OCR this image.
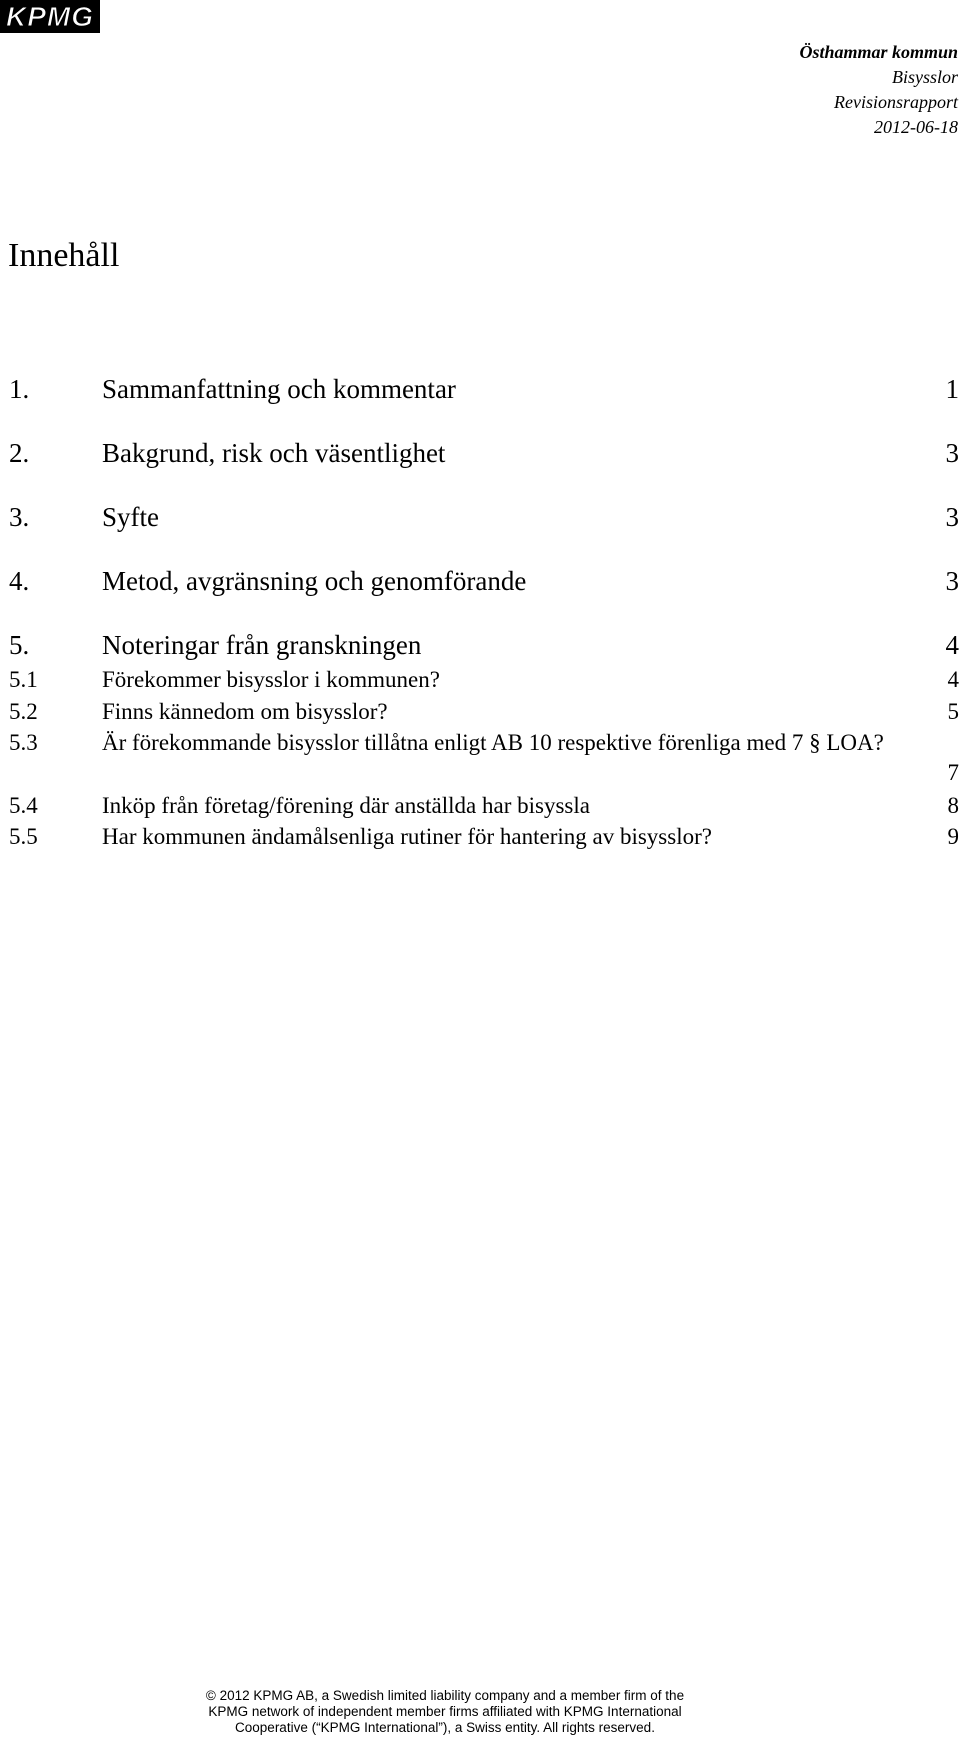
KPMG
Östhammar kommun
Bisysslor
Revisionsrapport
2012-06-18
Innehåll
1.	Sammanfattning och kommentar	1
2.	Bakgrund, risk och väsentlighet	3
3.	Syfte	3
4.	Metod, avgränsning och genomförande	3
5.	Noteringar från granskningen	4
5.1	Förekommer bisysslor i kommunen?	4
5.2	Finns kännedom om bisysslor?	5
5.3	Är förekommande bisysslor tillåtna enligt AB 10 respektive förenliga med 7 § LOA?
7
5.4	Inköp från företag/förening där anställda har bisyssla	8
5.5	Har kommunen ändamålsenliga rutiner för hantering av bisysslor?	9
© 2012 KPMG AB, a Swedish limited liability company and a member firm of the
KPMG network of independent member firms affiliated with KPMG International
Cooperative (“KPMG International”), a Swiss entity. All rights reserved.
